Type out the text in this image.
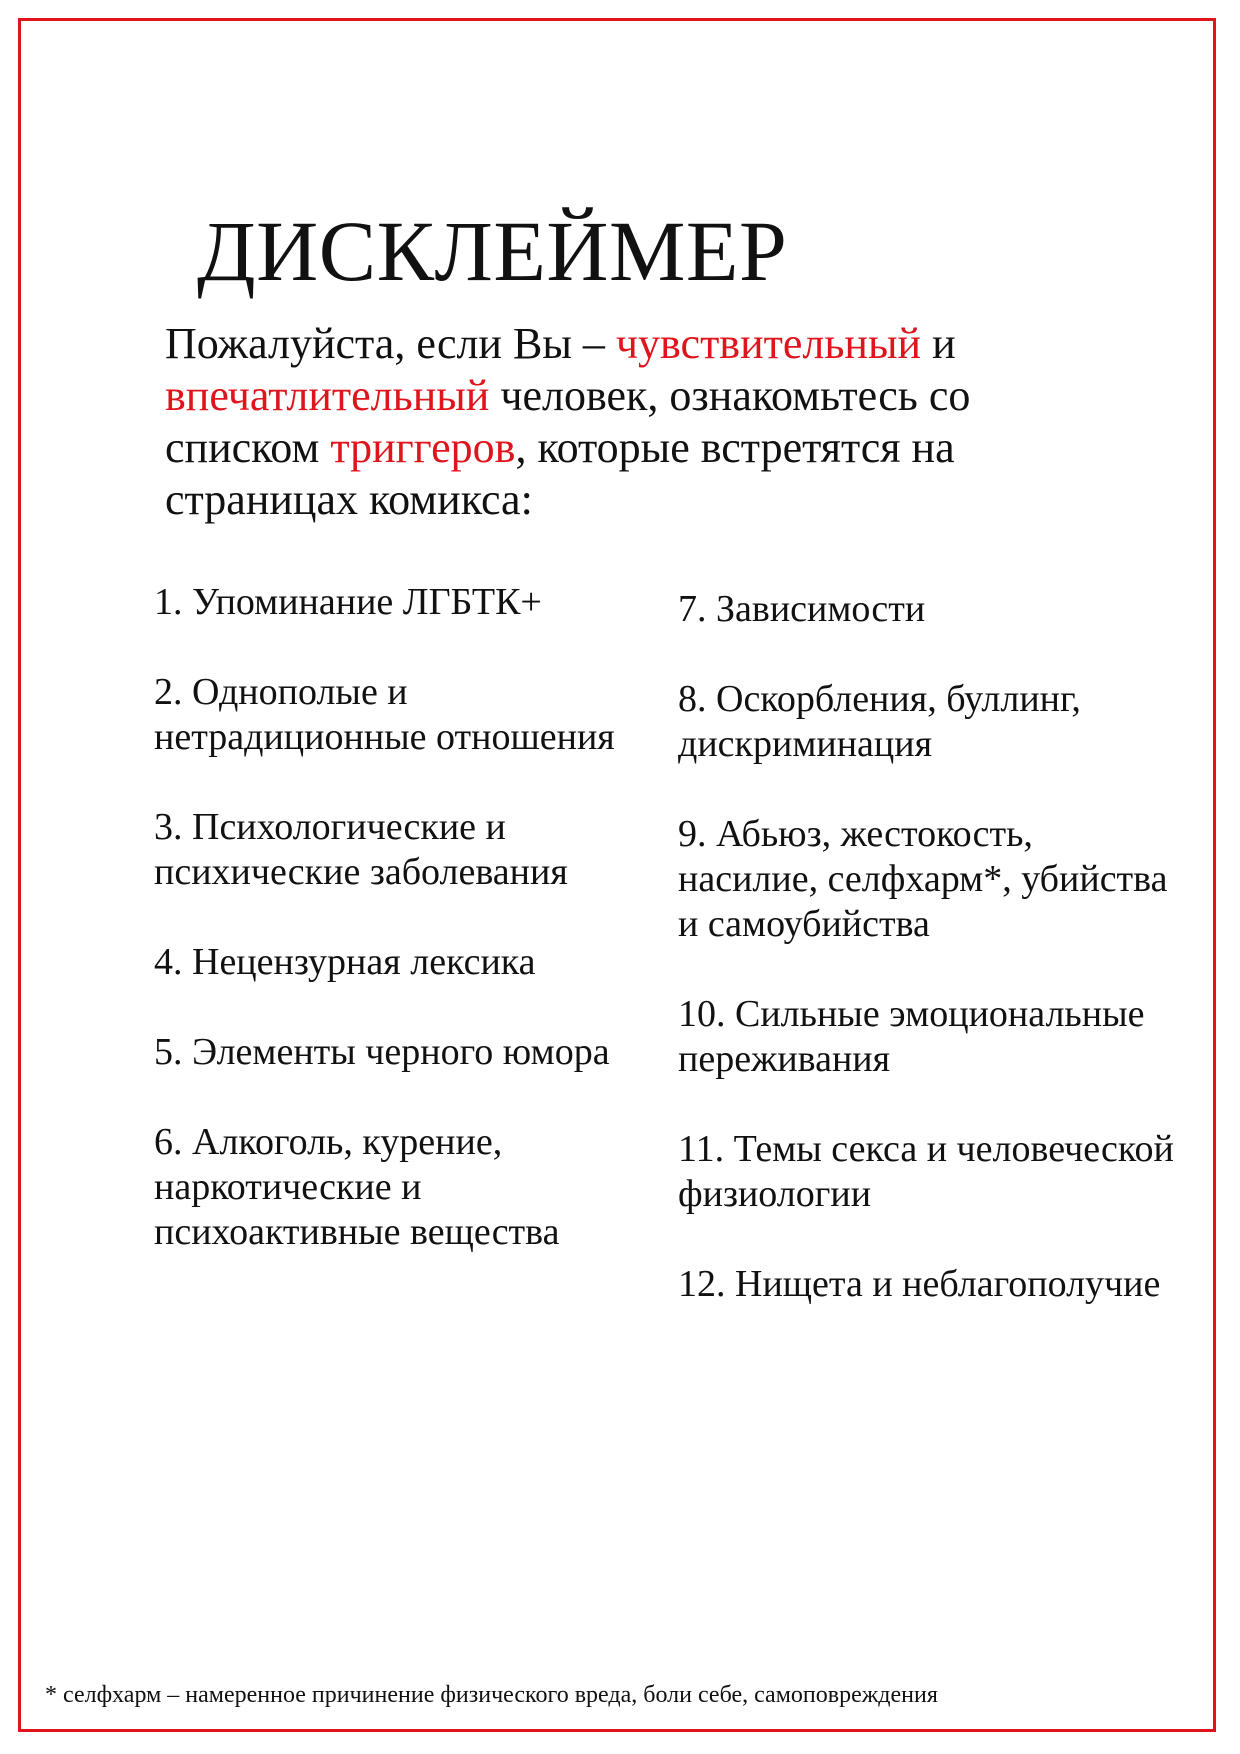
ДИСКЛЕЙМЕР

Пожалуйста, если Вы – чувствительный и
впечатлительный человек, ознакомьтесь со списком триггеров, которые встретятся на страницах комикса:

1. Упоминание ЛГБТК+
2. Однополые и нетрадиционные отношения
3. Психологические и психические заболевания
4. Нецензурная лексика
5. Элементы черного юмора
6. Алкоголь, курение, наркотические и психоактивные вещества
7. Зависимости
8. Оскорбления, буллинг, дискриминация
9. Абьюз, жестокость, насилие, селфхарм*, убийства и самоубийства
10. Сильные эмоциональные переживания
11. Темы секса и человеческой физиологии
12. Нищета и неблагополучие

* селфхарм – намеренное причинение физического вреда, боли себе, самоповреждения
